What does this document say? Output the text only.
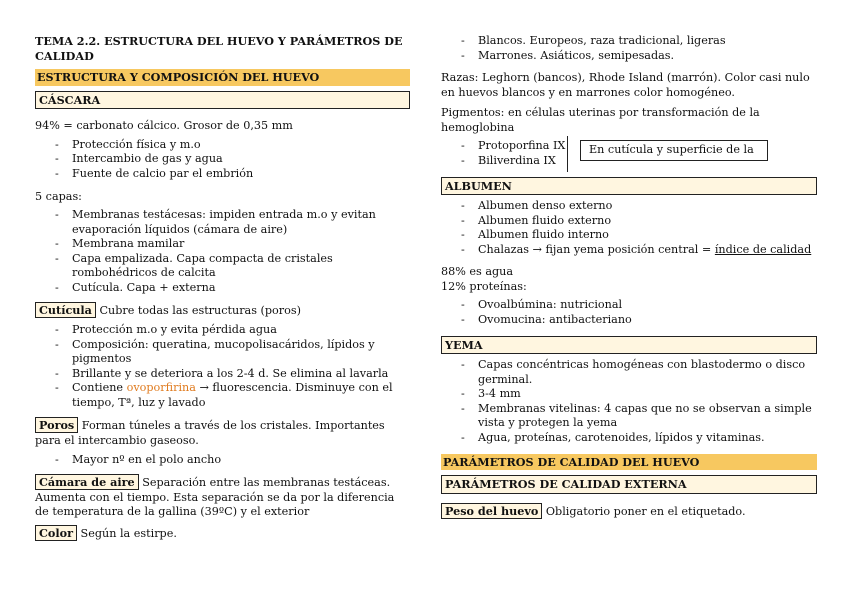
TEMA 2.2. ESTRUCTURA DEL HUEVO Y PARÁMETROS DE CALIDAD
ESTRUCTURA Y COMPOSICIÓN DEL HUEVO
CÁSCARA

94% = carbonato cálcico. Grosor de 0,35 mm

- Protección física y m.o
- Intercambio de gas y agua
- Fuente de calcio par el embrión

5 capas:

- Membranas testácesas: impiden entrada m.o y evitan evaporación líquidos (cámara de aire)
- Membrana mamilar
- Capa empalizada. Capa compacta de cristales rombohédricos de calcita
- Cutícula. Capa + externa

Cutícula Cubre todas las estructuras (poros)

- Protección m.o y evita pérdida agua
- Composición: queratina, mucopolisacáridos, lípidos y pigmentos
- Brillante y se deteriora a los 2-4 d. Se elimina al lavarla
- Contiene ovoporfirina → fluorescencia. Disminuye con el tiempo, Tª, luz y lavado

Poros Forman túneles a través de los cristales. Importantes para el intercambio gaseoso.

- Mayor nº en el polo ancho

Cámara de aire Separación entre las membranas testáceas. Aumenta con el tiempo. Esta separación se da por la diferencia de temperatura de la gallina (39ºC) y el exterior

Color Según la estirpe.

- Blancos. Europeos, raza tradicional, ligeras
- Marrones. Asiáticos, semipesadas.

Razas: Leghorn (bancos), Rhode Island (marrón). Color casi nulo en huevos blancos y en marrones color homogéneo.

Pigmentos: en células uterinas por transformación de la hemoglobina

- Protoporfina IX
- Biliverdina IX
En cutícula y superficie de la
ALBUMEN
- Albumen denso externo
- Albumen fluido externo
- Albumen fluido interno
- Chalazas → fijan yema posición central = índice de calidad

88% es agua

12% proteínas:

- Ovoalbúmina: nutricional
- Ovomucina: antibacteriano
YEMA
- Capas concéntricas homogéneas con blastodermo o disco germinal.
- 3-4 mm
- Membranas vitelinas: 4 capas que no se observan a simple vista y protegen la yema
- Agua, proteínas, carotenoides, lípidos y vitaminas.
PARÁMETROS DE CALIDAD DEL HUEVO
PARÁMETROS DE CALIDAD EXTERNA

Peso del huevo Obligatorio poner en el etiquetado.
